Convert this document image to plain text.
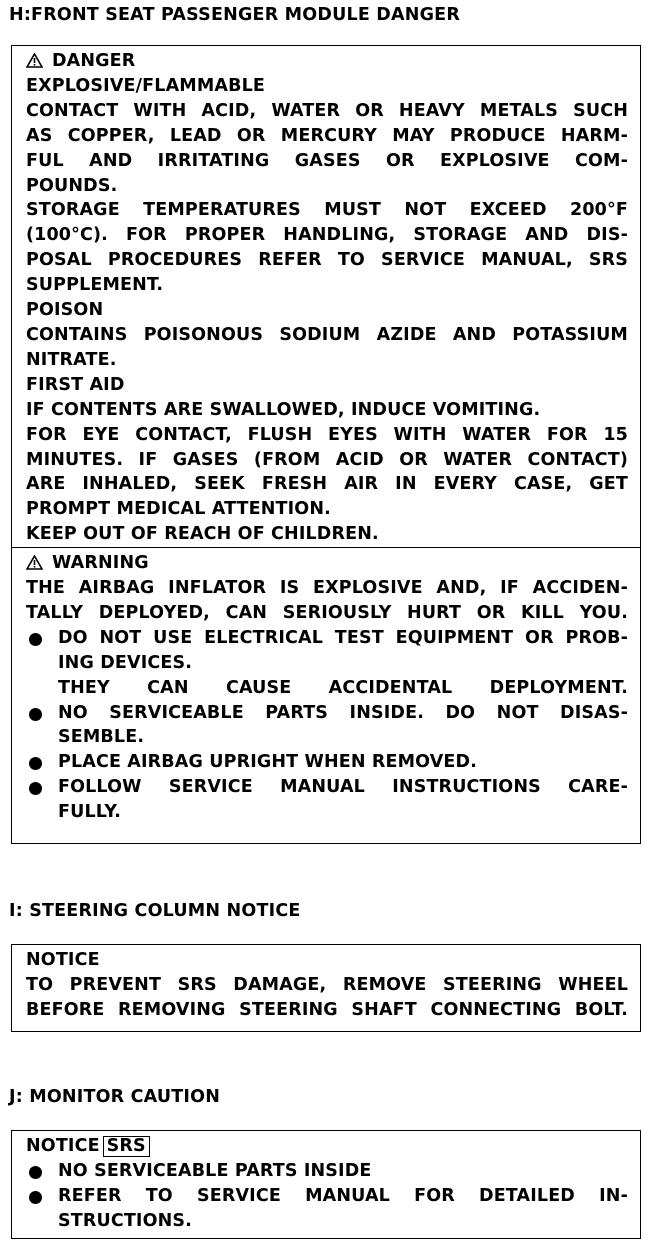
H:FRONT SEAT PASSENGER MODULE DANGER
DANGER
EXPLOSIVE/FLAMMABLE
CONTACT WITH ACID, WATER OR HEAVY METALS SUCH
AS COPPER, LEAD OR MERCURY MAY PRODUCE HARM-
FUL AND IRRITATING GASES OR EXPLOSIVE COM-
POUNDS.
STORAGE TEMPERATURES MUST NOT EXCEED 200°F
(100°C). FOR PROPER HANDLING, STORAGE AND DIS-
POSAL PROCEDURES REFER TO SERVICE MANUAL, SRS
SUPPLEMENT.
POISON
CONTAINS POISONOUS SODIUM AZIDE AND POTASSIUM
NITRATE.
FIRST AID
IF CONTENTS ARE SWALLOWED, INDUCE VOMITING.
FOR EYE CONTACT, FLUSH EYES WITH WATER FOR 15
MINUTES. IF GASES (FROM ACID OR WATER CONTACT)
ARE INHALED, SEEK FRESH AIR IN EVERY CASE, GET
PROMPT MEDICAL ATTENTION.
KEEP OUT OF REACH OF CHILDREN.
WARNING
THE AIRBAG INFLATOR IS EXPLOSIVE AND, IF ACCIDEN-
TALLY DEPLOYED, CAN SERIOUSLY HURT OR KILL YOU.
DO NOT USE ELECTRICAL TEST EQUIPMENT OR PROB-
ING DEVICES.
THEY CAN CAUSE ACCIDENTAL DEPLOYMENT.
NO SERVICEABLE PARTS INSIDE. DO NOT DISAS-
SEMBLE.
PLACE AIRBAG UPRIGHT WHEN REMOVED.
FOLLOW SERVICE MANUAL INSTRUCTIONS CARE-
FULLY.
I: STEERING COLUMN NOTICE
NOTICE
TO PREVENT SRS DAMAGE, REMOVE STEERING WHEEL
BEFORE REMOVING STEERING SHAFT CONNECTING BOLT.
J: MONITOR CAUTION
NOTICE SRS
NO SERVICEABLE PARTS INSIDE
REFER TO SERVICE MANUAL FOR DETAILED IN-
STRUCTIONS.
